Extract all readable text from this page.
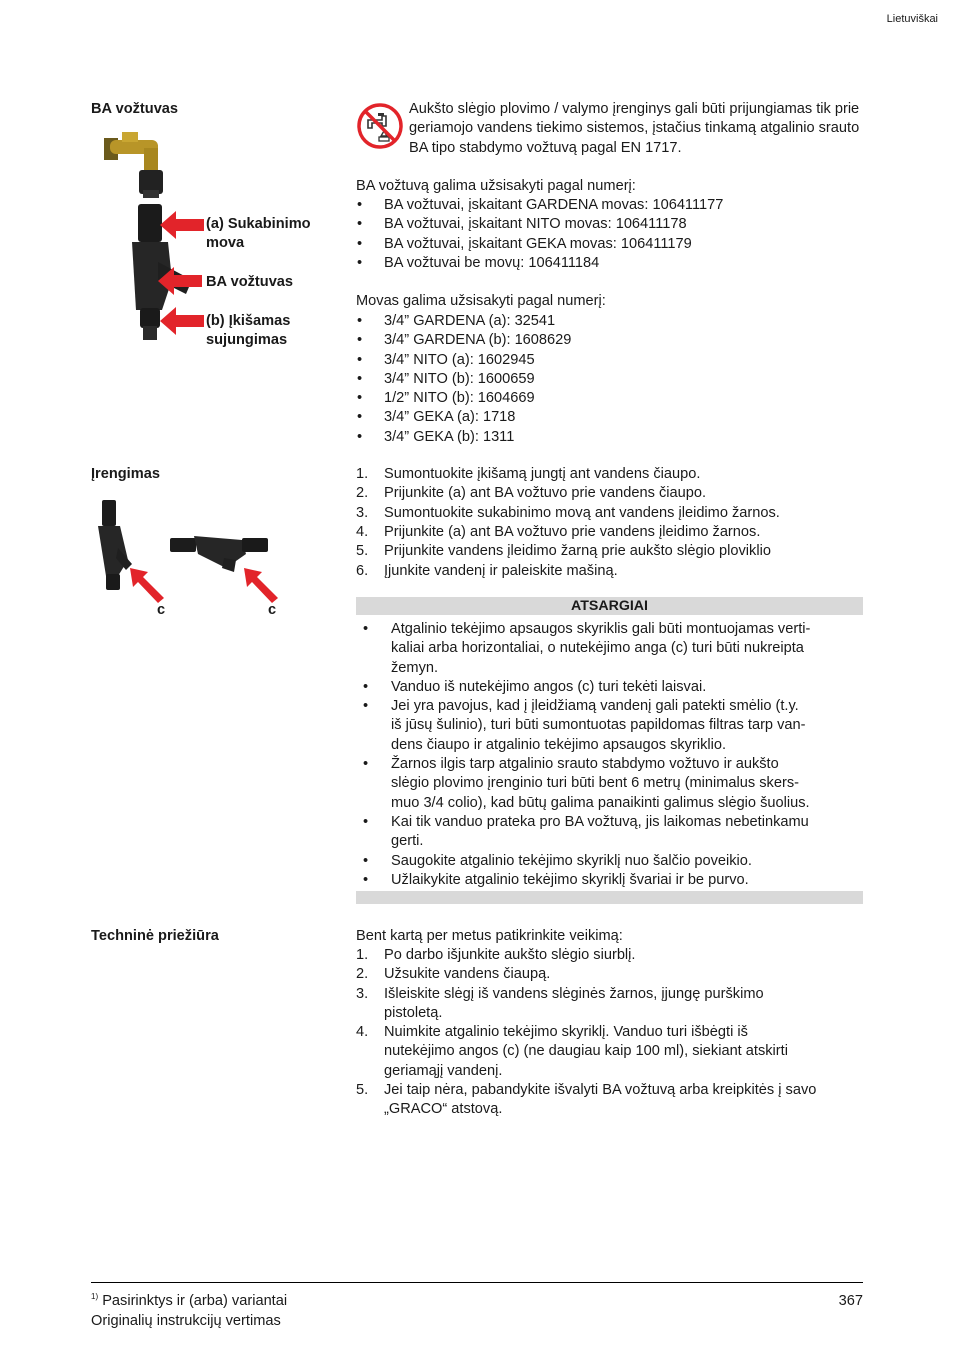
Lietuviškai
BA vožtuvas
(a) Sukabinimo mova
BA vožtuvas
(b) Įkišamas sujungimas
Aukšto slėgio plovimo / valymo įrenginys gali būti prijungiamas tik prie geriamojo vandens tiekimo sistemos, įstačius tinkamą atgalinio srauto BA tipo stabdymo vožtuvą pagal EN 1717.
BA vožtuvą galima užsisakyti pagal numerį:
• BA vožtuvai, įskaitant GARDENA movas: 106411177
• BA vožtuvai, įskaitant NITO movas: 106411178
• BA vožtuvai, įskaitant GEKA movas: 106411179
• BA vožtuvai be movų: 106411184
Movas galima užsisakyti pagal numerį:
• 3/4” GARDENA (a): 32541
• 3/4” GARDENA (b): 1608629
• 3/4” NITO (a): 1602945
• 3/4” NITO (b): 1600659
• 1/2” NITO (b): 1604669
• 3/4” GEKA (a): 1718
• 3/4” GEKA (b): 1311
Įrengimas
c	c
1. Sumontuokite įkišamą jungtį ant vandens čiaupo.
2. Prijunkite (a) ant BA vožtuvo prie vandens čiaupo.
3. Sumontuokite sukabinimo movą ant vandens įleidimo žarnos.
4. Prijunkite (a) ant BA vožtuvo prie vandens įleidimo žarnos.
5. Prijunkite vandens įleidimo žarną prie aukšto slėgio ploviklio
6. Įjunkite vandenį ir paleiskite mašiną.
ATSARGIAI
• Atgalinio tekėjimo apsaugos skyriklis gali būti montuojamas verti-
kaliai arba horizontaliai, o nutekėjimo anga (c) turi būti nukreipta
žemyn.
• Vanduo iš nutekėjimo angos (c) turi tekėti laisvai.
• Jei yra pavojus, kad į įleidžiamą vandenį gali patekti smėlio (t.y.
iš jūsų šulinio), turi būti sumontuotas papildomas filtras tarp van-
dens čiaupo ir atgalinio tekėjimo apsaugos skyriklio.
• Žarnos ilgis tarp atgalinio srauto stabdymo vožtuvo ir aukšto
slėgio plovimo įrenginio turi būti bent 6 metrų (minimalus skers-
muo 3/4 colio), kad būtų galima panaikinti galimus slėgio šuolius.
• Kai tik vanduo prateka pro BA vožtuvą, jis laikomas nebetinkamu
gerti.
• Saugokite atgalinio tekėjimo skyriklį nuo šalčio poveikio.
• Užlaikykite atgalinio tekėjimo skyriklį švariai ir be purvo.
Techninė priežiūra	Bent kartą per metus patikrinkite veikimą:
1. Po darbo išjunkite aukšto slėgio siurblį.
2. Užsukite vandens čiaupą.
3. Išleiskite slėgį iš vandens slėginės žarnos, įjungę purškimo
pistoletą.
4. Nuimkite atgalinio tekėjimo skyriklį. Vanduo turi išbėgti iš
nutekėjimo angos (c) (ne daugiau kaip 100 ml), siekiant atskirti
geriamąjį vandenį.
5. Jei taip nėra, pabandykite išvalyti BA vožtuvą arba kreipkitės į savo
„GRACO“ atstovą.
$^{1)}$ Pasirinktys ir (arba) variantai
Originalių instrukcijų vertimas
367
